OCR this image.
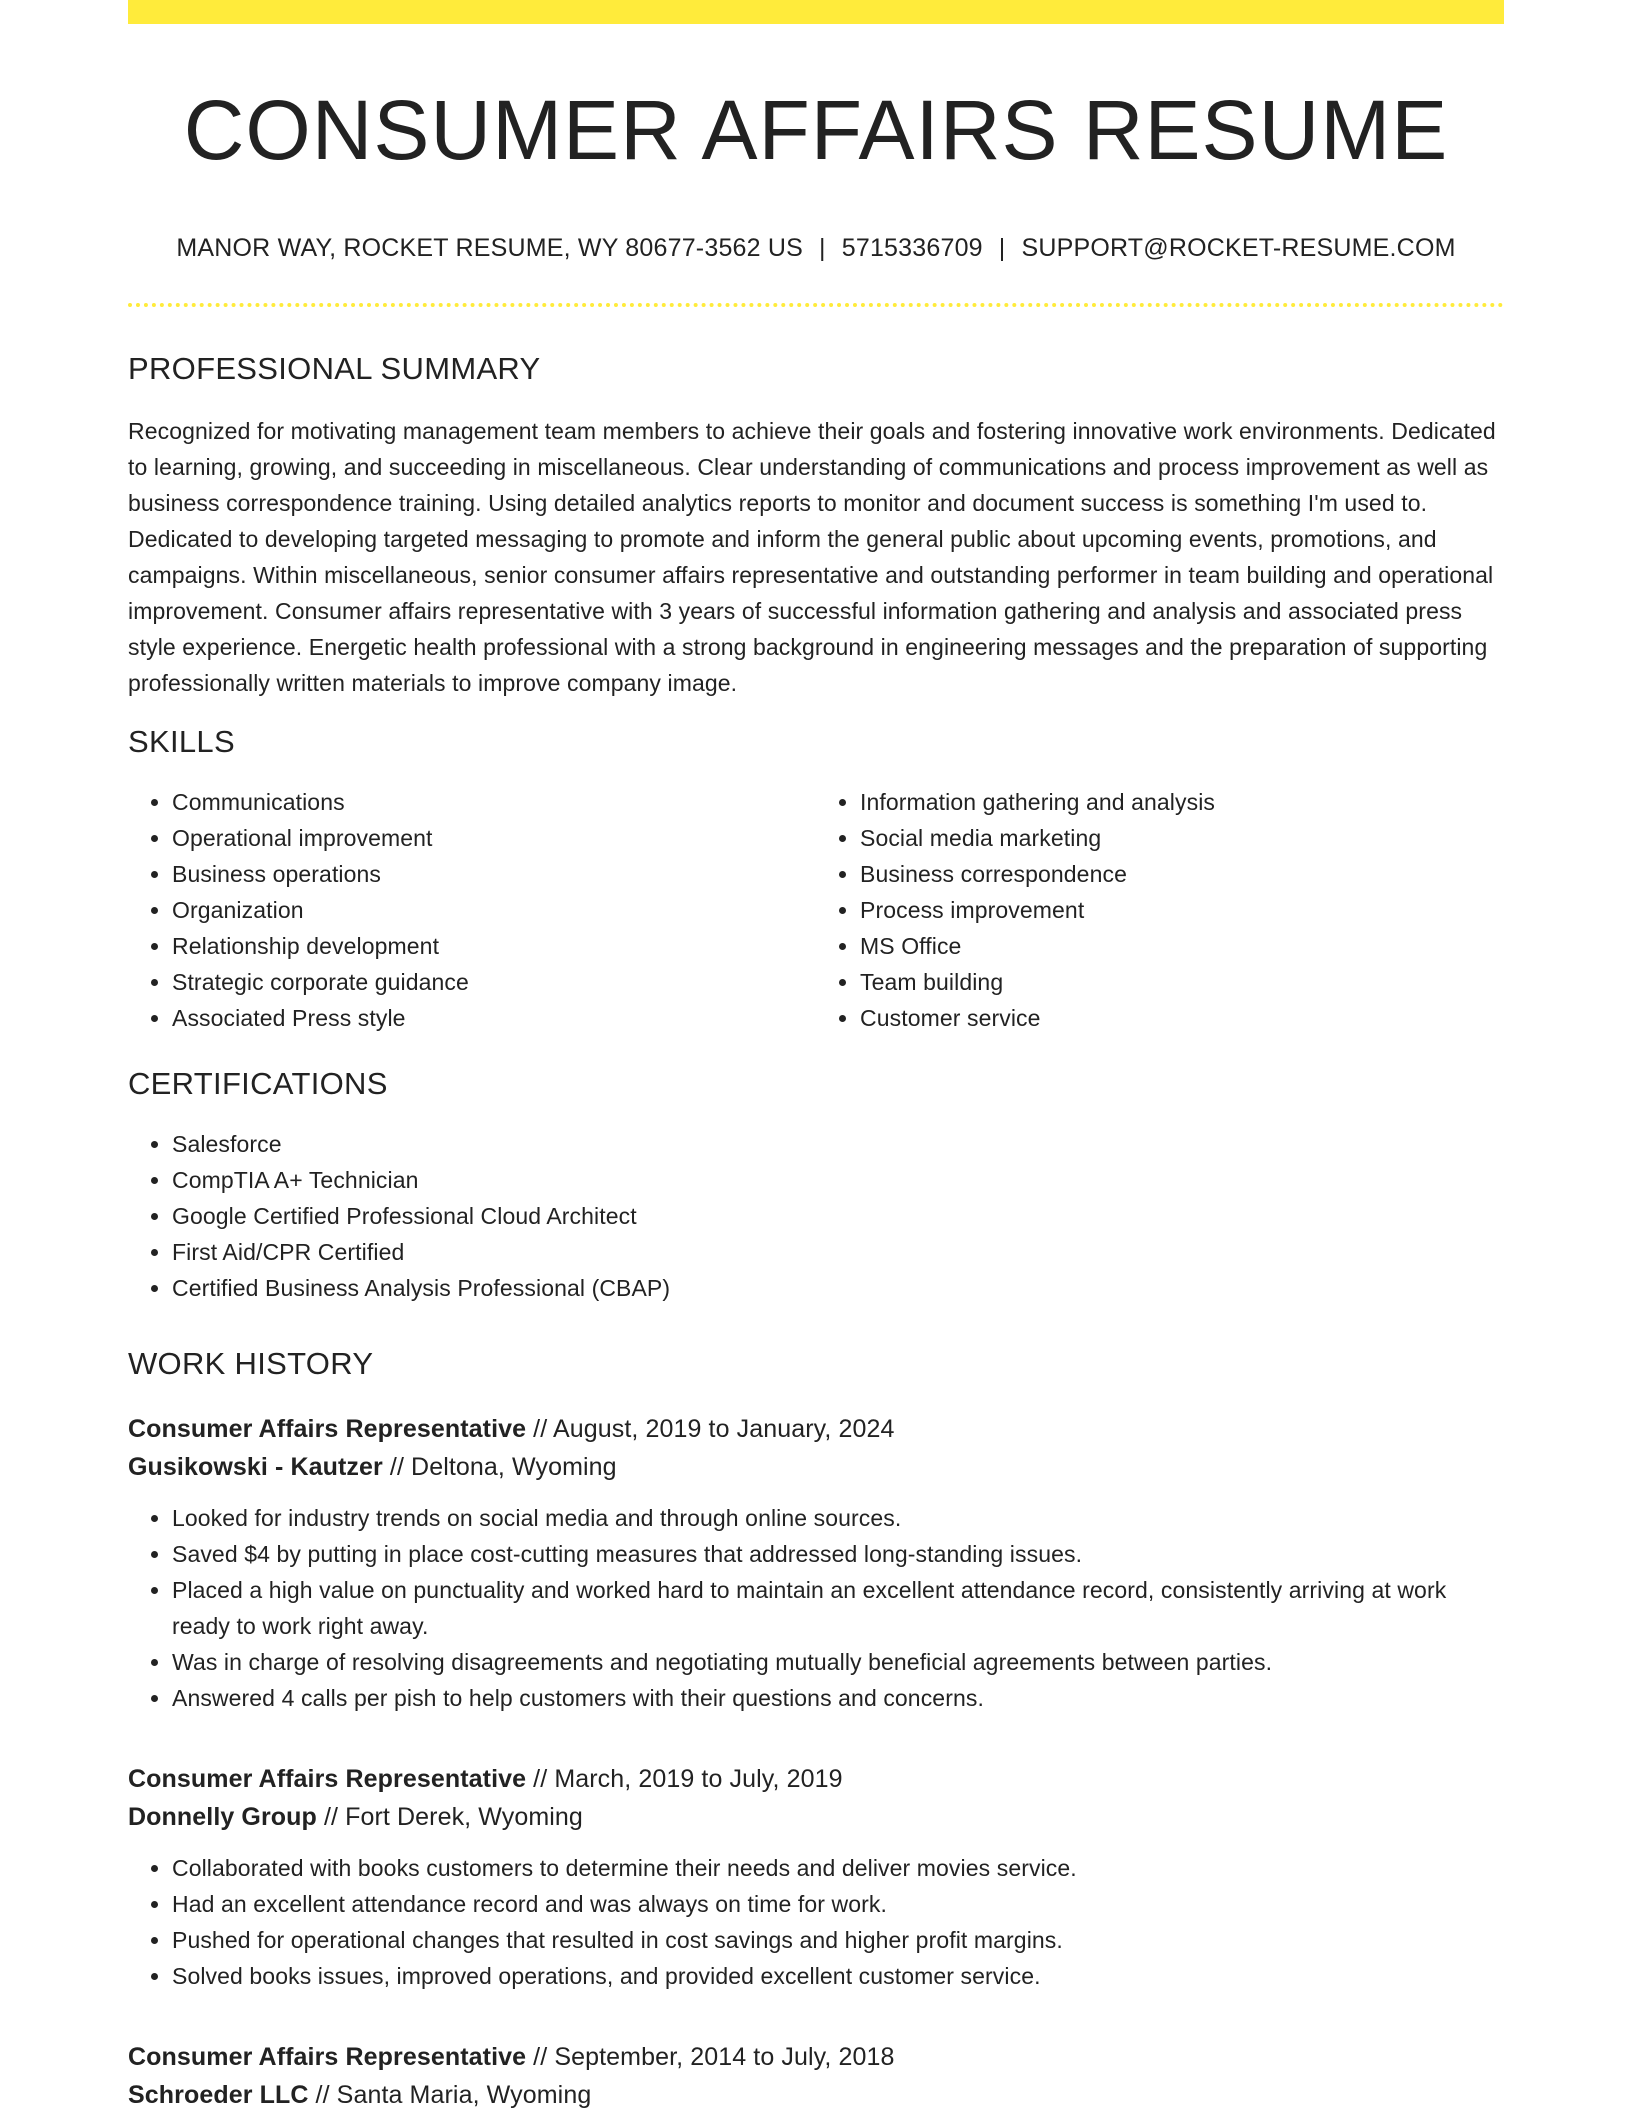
CONSUMER AFFAIRS RESUME
MANOR WAY, ROCKET RESUME, WY 80677-3562 US | 5715336709 | SUPPORT@ROCKET-RESUME.COM
PROFESSIONAL SUMMARY

Recognized for motivating management team members to achieve their goals and fostering innovative work environments. Dedicated to learning, growing, and succeeding in miscellaneous. Clear understanding of communications and process improvement as well as business correspondence training. Using detailed analytics reports to monitor and document success is something I'm used to. Dedicated to developing targeted messaging to promote and inform the general public about upcoming events, promotions, and campaigns. Within miscellaneous, senior consumer affairs representative and outstanding performer in team building and operational improvement. Consumer affairs representative with 3 years of successful information gathering and analysis and associated press style experience. Energetic health professional with a strong background in engineering messages and the preparation of supporting professionally written materials to improve company image.

SKILLS
• Communications
• Operational improvement
• Business operations
• Organization
• Relationship development
• Strategic corporate guidance
• Associated Press style
• Information gathering and analysis
• Social media marketing
• Business correspondence
• Process improvement
• MS Office
• Team building
• Customer service
CERTIFICATIONS
• Salesforce
• CompTIA A+ Technician
• Google Certified Professional Cloud Architect
• First Aid/CPR Certified
• Certified Business Analysis Professional (CBAP)
WORK HISTORY
Consumer Affairs Representative // August, 2019 to January, 2024
Gusikowski - Kautzer // Deltona, Wyoming
• Looked for industry trends on social media and through online sources.
• Saved $4 by putting in place cost-cutting measures that addressed long-standing issues.
• Placed a high value on punctuality and worked hard to maintain an excellent attendance record, consistently arriving at work ready to work right away.
• Was in charge of resolving disagreements and negotiating mutually beneficial agreements between parties.
• Answered 4 calls per pish to help customers with their questions and concerns.
Consumer Affairs Representative // March, 2019 to July, 2019
Donnelly Group // Fort Derek, Wyoming
• Collaborated with books customers to determine their needs and deliver movies service.
• Had an excellent attendance record and was always on time for work.
• Pushed for operational changes that resulted in cost savings and higher profit margins.
• Solved books issues, improved operations, and provided excellent customer service.
Consumer Affairs Representative // September, 2014 to July, 2018
Schroeder LLC // Santa Maria, Wyoming
